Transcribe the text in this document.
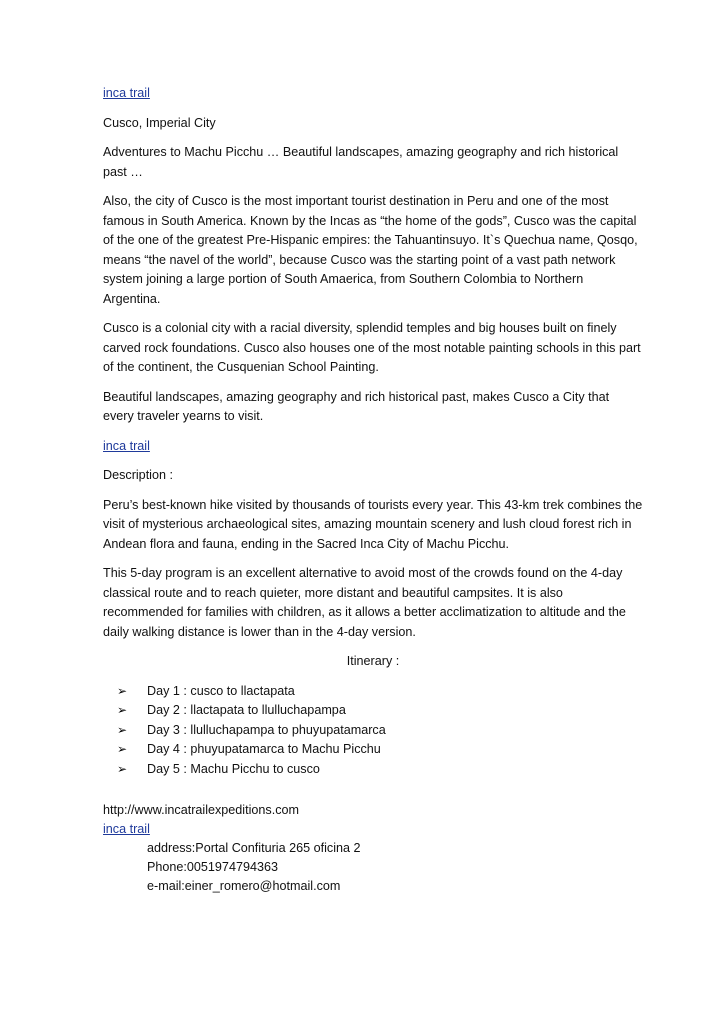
inca trail

Cusco, Imperial City

Adventures to Machu Picchu … Beautiful landscapes, amazing geography and rich historical past …

Also, the city of Cusco is the most important tourist destination in Peru and one of the most famous in South America. Known by the Incas as “the home of the gods”, Cusco was the capital of the one of the greatest Pre-Hispanic empires: the Tahuantinsuyo. It`s Quechua name, Qosqo, means “the navel of the world”, because Cusco was the starting point of a vast path network system joining a large portion of South Amaerica, from Southern Colombia to Northern Argentina.

Cusco is a colonial city with a racial diversity, splendid temples and big houses built on finely carved rock foundations. Cusco also houses one of the most notable painting schools in this part of the continent, the Cusquenian School Painting.

Beautiful landscapes, amazing geography and rich historical past, makes Cusco a City that every traveler yearns to visit.

inca trail

Description :

Peru’s best-known hike visited by thousands of tourists every year. This 43-km trek combines the visit of mysterious archaeological sites, amazing mountain scenery and lush cloud forest rich in Andean flora and fauna, ending in the Sacred Inca City of Machu Picchu.

This 5-day program is an excellent alternative to avoid most of the crowds found on the 4-day classical route and to reach quieter, more distant and beautiful campsites. It is also recommended for families with children, as it allows a better acclimatization to altitude and the daily walking distance is lower than in the 4-day version.

Itinerary :

➢	Day 1 : cusco to llactapata
➢	Day 2 : llactapata to llulluchapampa
➢	Day 3 : llulluchapampa to phuyupatamarca
➢	Day 4 : phuyupatamarca to Machu Picchu
➢	Day 5 : Machu Picchu to cusco
http://www.incatrailexpeditions.com
inca trail
address:Portal Confituria 265 oficina 2
Phone:0051974794363
e-mail:einer_romero@hotmail.com
